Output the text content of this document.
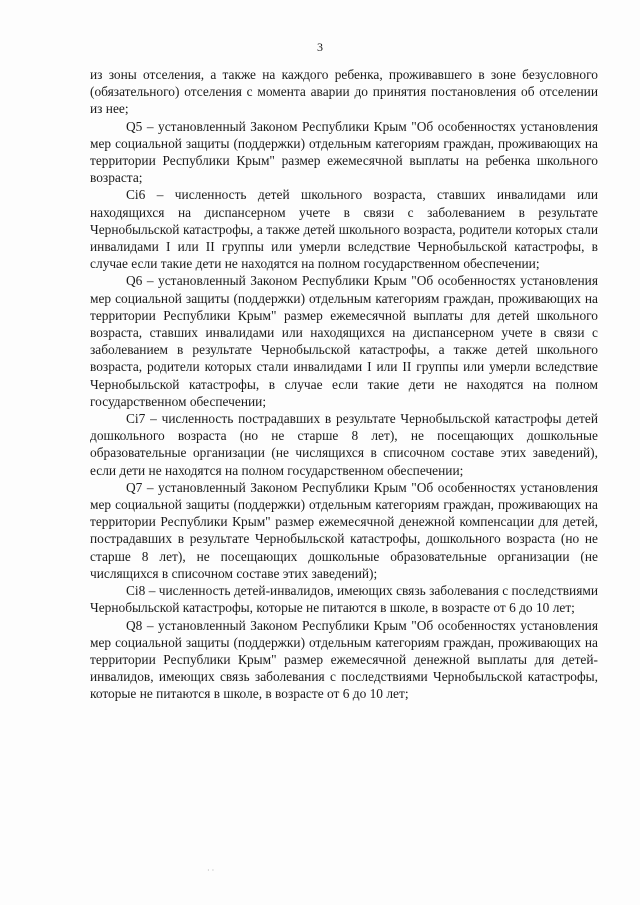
3

из зоны отселения, а также на каждого ребенка, проживавшего в зоне безусловного (обязательного) отселения с момента аварии до принятия постановления об отселении из нее;

Q5 – установленный Законом Республики Крым "Об особенностях установления мер социальной защиты (поддержки) отдельным категориям граждан, проживающих на территории Республики Крым" размер ежемесячной выплаты на ребенка школьного возраста;

Ci6 – численность детей школьного возраста, ставших инвалидами или находящихся на диспансерном учете в связи с заболеванием в результате Чернобыльской катастрофы, а также детей школьного возраста, родители которых стали инвалидами I или II группы или умерли вследствие Чернобыльской катастрофы, в случае если такие дети не находятся на полном государственном обеспечении;

Q6 – установленный Законом Республики Крым "Об особенностях установления мер социальной защиты (поддержки) отдельным категориям граждан, проживающих на территории Республики Крым" размер ежемесячной выплаты для детей школьного возраста, ставших инвалидами или находящихся на диспансерном учете в связи с заболеванием в результате Чернобыльской катастрофы, а также детей школьного возраста, родители которых стали инвалидами I или II группы или умерли вследствие Чернобыльской катастрофы, в случае если такие дети не находятся на полном государственном обеспечении;

Ci7 – численность пострадавших в результате Чернобыльской катастрофы детей дошкольного возраста (но не старше 8 лет), не посещающих дошкольные образовательные организации (не числящихся в списочном составе этих заведений), если дети не находятся на полном государственном обеспечении;

Q7 – установленный Законом Республики Крым "Об особенностях установления мер социальной защиты (поддержки) отдельным категориям граждан, проживающих на территории Республики Крым" размер ежемесячной денежной компенсации для детей, пострадавших в результате Чернобыльской катастрофы, дошкольного возраста (но не старше 8 лет), не посещающих дошкольные образовательные организации (не числящихся в списочном составе этих заведений);

Ci8 – численность детей-инвалидов, имеющих связь заболевания с последствиями Чернобыльской катастрофы, которые не питаются в школе, в возрасте от 6 до 10 лет;

Q8 – установленный Законом Республики Крым "Об особенностях установления мер социальной защиты (поддержки) отдельным категориям граждан, проживающих на территории Республики Крым" размер ежемесячной денежной выплаты для детей-инвалидов, имеющих связь заболевания с последствиями Чернобыльской катастрофы, которые не питаются в школе, в возрасте от 6 до 10 лет;

· ·
